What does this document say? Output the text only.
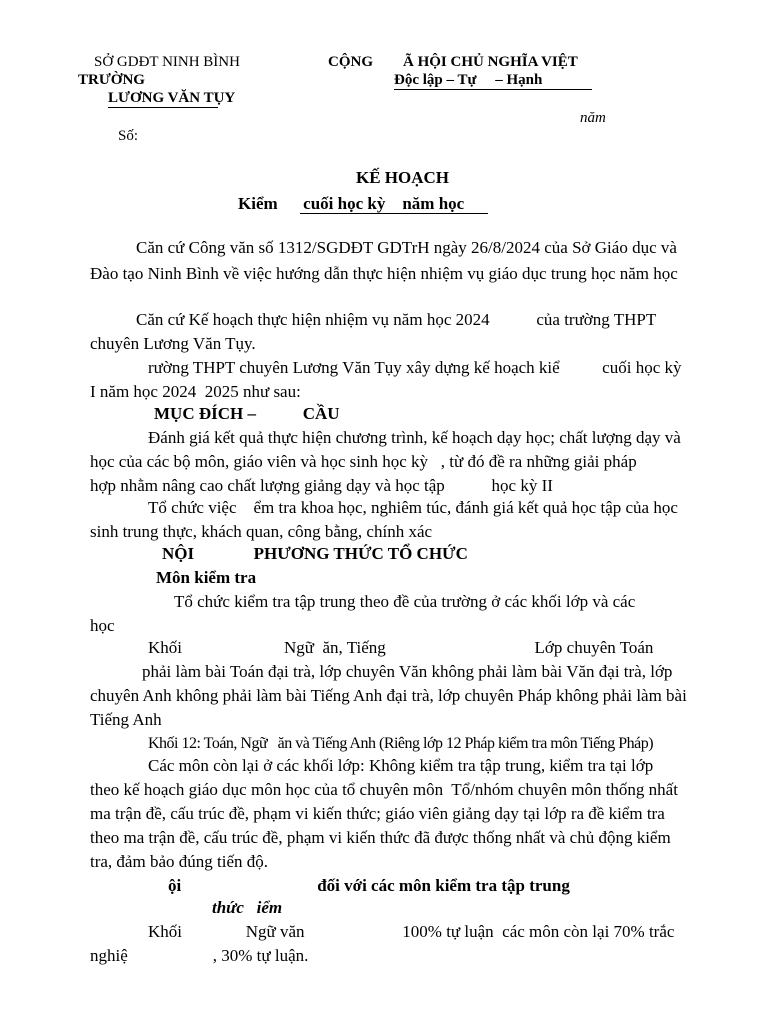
SỞ GDĐT NINH BÌNH
TRƯỜNG
LƯƠNG VĂN TỤY
Số:
CỘNG        Ã HỘI CHỦ NGHĨA VIỆT
Độc lập – Tự     – Hạnh
năm
KẾ HOẠCH
Kiểm      cuối học kỳ    năm học
Căn cứ Công văn số 1312/SGDĐT GDTrH ngày 26/8/2024 của Sở Giáo dục và
Đào tạo Ninh Bình về việc hướng dẫn thực hiện nhiệm vụ giáo dục trung học năm học
Căn cứ Kế hoạch thực hiện nhiệm vụ năm học 2024           của trường THPT
chuyên Lương Văn Tụy.
rường THPT chuyên Lương Văn Tụy xây dựng kế hoạch kiể          cuối học kỳ
I năm học 2024  2025 như sau:
MỤC ĐÍCH –           CẦU
Đánh giá kết quả thực hiện chương trình, kế hoạch dạy học; chất lượng dạy và
học của các bộ môn, giáo viên và học sinh học kỳ   , từ đó đề ra những giải pháp
hợp nhằm nâng cao chất lượng giảng dạy và học tập           học kỳ II
Tổ chức việc    ểm tra khoa học, nghiêm túc, đánh giá kết quả học tập của học
sinh trung thực, khách quan, công bằng, chính xác
NỘI              PHƯƠNG THỨC TỔ CHỨC
Môn kiểm tra
Tổ chức kiểm tra tập trung theo đề của trường ở các khối lớp và các
học
Khối                        Ngữ  ăn, Tiếng                                   Lớp chuyên Toán
phải làm bài Toán đại trà, lớp chuyên Văn không phải làm bài Văn đại trà, lớp
chuyên Anh không phải làm bài Tiếng Anh đại trà, lớp chuyên Pháp không phải làm bài
Tiếng Anh
Khối 12: Toán, Ngữ   ăn và Tiếng Anh (Riêng lớp 12 Pháp kiểm tra môn Tiếng Pháp)
Các môn còn lại ở các khối lớp: Không kiểm tra tập trung, kiểm tra tại lớp
theo kế hoạch giáo dục môn học của tổ chuyên môn  Tổ/nhóm chuyên môn thống nhất
ma trận đề, cấu trúc đề, phạm vi kiến thức; giáo viên giảng dạy tại lớp ra đề kiểm tra
theo ma trận đề, cấu trúc đề, phạm vi kiến thức đã được thống nhất và chủ động kiểm
tra, đảm bảo đúng tiến độ.
ội                                đối với các môn kiểm tra tập trung
thức   iểm
Khối               Ngữ văn                       100% tự luận  các môn còn lại 70% trắc
nghiệ                    , 30% tự luận.
